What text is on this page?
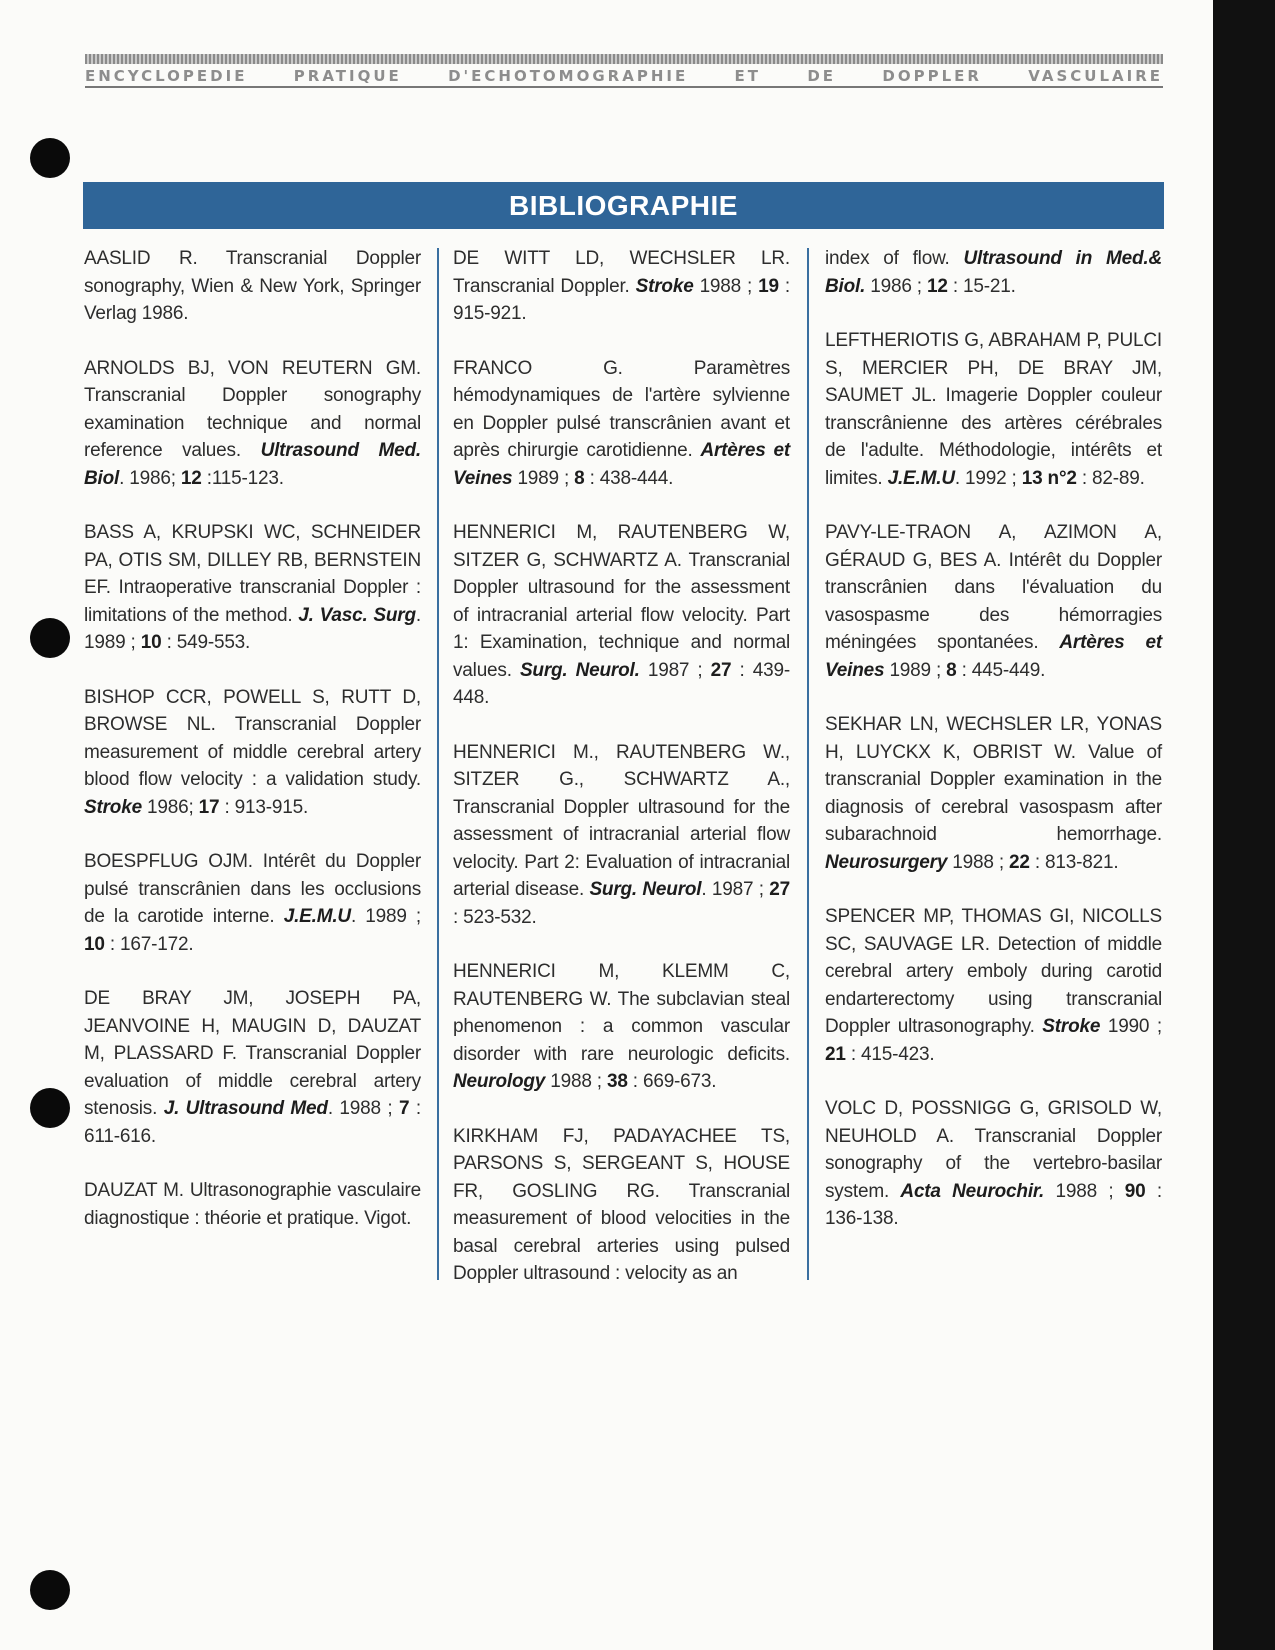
ENCYCLOPEDIE PRATIQUE D'ECHOTOMOGRAPHIE ET DE DOPPLER VASCULAIRE
BIBLIOGRAPHIE

AASLID R. Transcranial Doppler sonography, Wien & New York, Springer Verlag 1986.

ARNOLDS BJ, VON REUTERN GM. Transcranial Doppler sonography examination technique and normal reference values. Ultrasound Med. Biol. 1986; 12 :115-123.

BASS A, KRUPSKI WC, SCHNEIDER PA, OTIS SM, DILLEY RB, BERNSTEIN EF. Intraoperative transcranial Doppler : limitations of the method. J. Vasc. Surg. 1989 ; 10 : 549-553.

BISHOP CCR, POWELL S, RUTT D, BROWSE NL. Transcranial Doppler measurement of middle cerebral artery blood flow velocity : a validation study. Stroke 1986; 17 : 913-915.

BOESPFLUG OJM. Intérêt du Doppler pulsé transcrânien dans les occlusions de la carotide interne. J.E.M.U. 1989 ; 10 : 167-172.

DE BRAY JM, JOSEPH PA, JEANVOINE H, MAUGIN D, DAUZAT M, PLASSARD F. Transcranial Doppler evaluation of middle cerebral artery stenosis. J. Ultrasound Med. 1988 ; 7 : 611-616.

DAUZAT M. Ultrasonographie vasculaire diagnostique : théorie et pratique. Vigot.

DE WITT LD, WECHSLER LR. Transcranial Doppler. Stroke 1988 ; 19 : 915-921.

FRANCO G. Paramètres hémodynamiques de l'artère sylvienne en Doppler pulsé transcrânien avant et après chirurgie carotidienne. Artères et Veines 1989 ; 8 : 438-444.

HENNERICI M, RAUTENBERG W, SITZER G, SCHWARTZ A. Transcranial Doppler ultrasound for the assessment of intracranial arterial flow velocity. Part 1: Examination, technique and normal values. Surg. Neurol. 1987 ; 27 : 439-448.

HENNERICI M., RAUTENBERG W., SITZER G., SCHWARTZ A., Transcranial Doppler ultrasound for the assessment of intracranial arterial flow velocity. Part 2: Evaluation of intracranial arterial disease. Surg. Neurol. 1987 ; 27 : 523-532.

HENNERICI M, KLEMM C, RAUTENBERG W. The subclavian steal phenomenon : a common vascular disorder with rare neurologic deficits. Neurology 1988 ; 38 : 669-673.

KIRKHAM FJ, PADAYACHEE TS, PARSONS S, SERGEANT S, HOUSE FR, GOSLING RG. Transcranial measurement of blood velocities in the basal cerebral arteries using pulsed Doppler ultrasound : velocity as an

index of flow. Ultrasound in Med.& Biol. 1986 ; 12 : 15-21.

LEFTHERIOTIS G, ABRAHAM P, PULCI S, MERCIER PH, DE BRAY JM, SAUMET JL. Imagerie Doppler couleur transcrânienne des artères cérébrales de l'adulte. Méthodologie, intérêts et limites. J.E.M.U. 1992 ; 13 n°2 : 82-89.

PAVY-LE-TRAON A, AZIMON A, GÉRAUD G, BES A. Intérêt du Doppler transcrânien dans l'évaluation du vasospasme des hémorragies méningées spontanées. Artères et Veines 1989 ; 8 : 445-449.

SEKHAR LN, WECHSLER LR, YONAS H, LUYCKX K, OBRIST W. Value of transcranial Doppler examination in the diagnosis of cerebral vasospasm after subarachnoid hemorrhage. Neurosurgery 1988 ; 22 : 813-821.

SPENCER MP, THOMAS GI, NICOLLS SC, SAUVAGE LR. Detection of middle cerebral artery emboly during carotid endarterectomy using transcranial Doppler ultrasonography. Stroke 1990 ; 21 : 415-423.

VOLC D, POSSNIGG G, GRISOLD W, NEUHOLD A. Transcranial Doppler sonography of the vertebro-basilar system. Acta Neurochir. 1988 ; 90 : 136-138.
